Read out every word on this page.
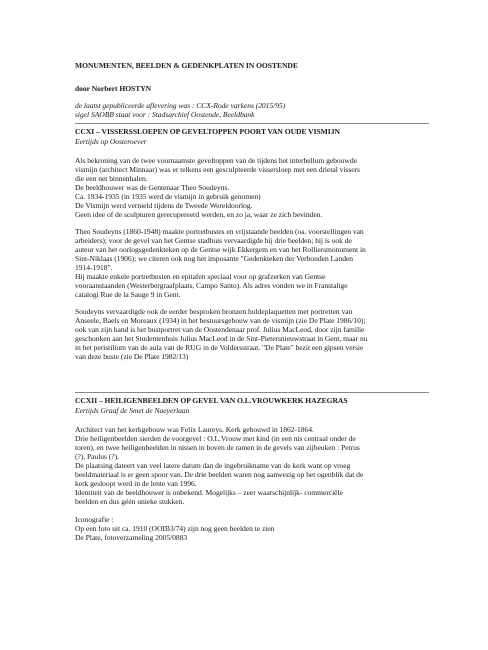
MONUMENTEN, BEELDEN & GEDENKPLATEN IN OOSTENDE
door Norbert HOSTYN
de laatst gepubliceerde aflevering was : CCX-Rode varkens (2015/95)
sigel SAOBB staat voor : Stadsarchief Oostende, Beeldbank
CCXI – VISSERSSLOEPEN OP GEVELTOPPEN POORT VAN OUDE VISMIJN
Eertijds op Oosteroever
Als bekroning van de twee voornaamste geveltoppen van de tijdens het interbellum gebouwde
vismijn (architect Minnaar) was er telkens een gesculpteerde vissersloep met een drietal vissers
die een net binnenhalen.
De beeldhouwer was de Gentenaar Theo Soudeyns.
Ca. 1934-1935 (in 1935 werd de vismijn in gebruik genomen)
De Vismijn werd vernield tijdens de Tweede Wereldoorlog.
Geen idee of de sculpturen gerecupereerd werden, en zo ja, waar ze zich bevinden.
Theo Soudeyns (1860-1948) maakte portretbustes en vrijstaande beelden (oa. voorstellingen van
arbeiders); voor de gevel van het Gentse stadhuis vervaardigde hij drie beelden; hij is ook de
auteur van het oorlogsgedenkteken op de Gentse wijk Ekkergem en van het Rolliersmonument in
Sint-Niklaas (1906); we citeren ook nog het imposante "Gedenkteken der Verbonden Landen
1914-1918".
Hij maakte enkele portretbusten en epitafen speciaal voor op grafzerken van Gentse
vooraanstaanden (Westerbergraafplaats, Campo Santo). Als adres vonden we in Franstalige
catalogi Rue de la Sauge 9 in Gent.
Soudeyns vervaardigde ook de eerder besproken bronzen huldeplaquetten met portretten van
Anseele, Baels en Moreaux (1934) in het bestuursgebouw van de vismijn (zie De Plate 1986/10);
ook van zijn hand is het bustportret van de Oostendenaar prof. Julius MacLeod, door zijn familie
geschonken aan het Studentenhuis Julius MacLeod in de Sint-Pietersnieuwstraat in Gent, maar nu
in het peristilium van de aula van de RUG in de Voldersstraat. "De Plate" bezit een gipsen versie
van deze buste (zie De Plate 1982/13)
CCXII – HEILIGENBEELDEN OP GEVEL VAN O.L.VROUWKERK HAZEGRAS
Eertijds Graaf de Smet de Naeyerlaan
Architect van het kerkgebouw was Felix Laureys. Kerk gebouwd in 1862-1864.
Drie heiligenbeelden sierden de voorgevel : O.L.Vrouw met kind (in een nis centraal onder de
toren), en twee heiligenbeelden in nissen in boven de ramen in de gevels van zijbeuken : Petrus
(?), Paulus (?).
De plaatsing dateert van veel latere datum dan de ingebruikname van de kerk want op vroeg
beeldmateriaal is er geen spoor van. De drie beelden waren nog aanwezig op het ogenblik dat de
kerk gesloopt werd in de lente van 1996.
Identiteit van de beeldhouwer is onbekend. Mogelijks – zeer waarschijnlijk- commerciële
beelden en dus géén unieke stukken.
Iconografie :
Op een foto uit ca. 1910 (OOIB3/74) zijn nog geen beelden te zien
De Plate, fotoverzameling 2005/0883
